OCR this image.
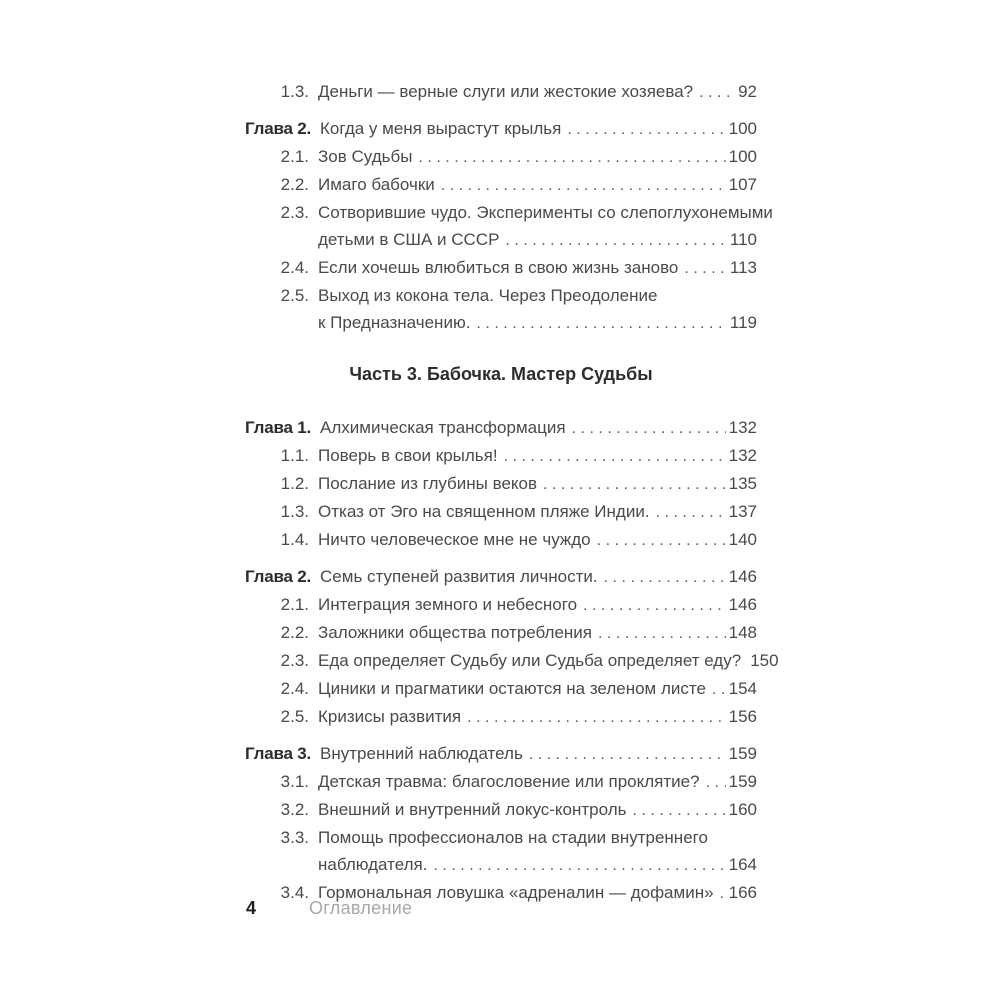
1.3. Деньги — верные слуги или жестокие хозяева? .....	92
Глава 2. Когда у меня вырастут крылья .....	100
2.1. Зов Судьбы .....	100
2.2. Имаго бабочки .....	107
2.3. Сотворившие чудо. Эксперименты со слепоглухонемыми
детьми в США и СССР .....	110
2.4. Если хочешь влюбиться в свою жизнь заново .....	113
2.5. Выход из кокона тела. Через Преодоление
к Предназначению. .....	119
Часть 3. Бабочка. Мастер Судьбы
Глава 1. Алхимическая трансформация .....	132
1.1. Поверь в свои крылья! .....	132
1.2. Послание из глубины веков .....	135
1.3. Отказ от Эго на священном пляже Индии. .....	137
1.4. Ничто человеческое мне не чуждо .....	140
Глава 2. Семь ступеней развития личности. .....	146
2.1. Интеграция земного и небесного .....	146
2.2. Заложники общества потребления .....	148
2.3. Еда определяет Судьбу или Судьба определяет еду? 150
2.4. Циники и прагматики остаются на зеленом листе ..... 154
2.5. Кризисы развития .....	156
Глава 3. Внутренний наблюдатель .....	159
3.1. Детская травма: благословение или проклятие? ..... 159
3.2. Внешний и внутренний локус-контроль .....	160
3.3. Помощь профессионалов на стадии внутреннего
наблюдателя. .....	164
3.4. Гормональная ловушка «адреналин — дофамин» ..... 166
4	Оглавление
